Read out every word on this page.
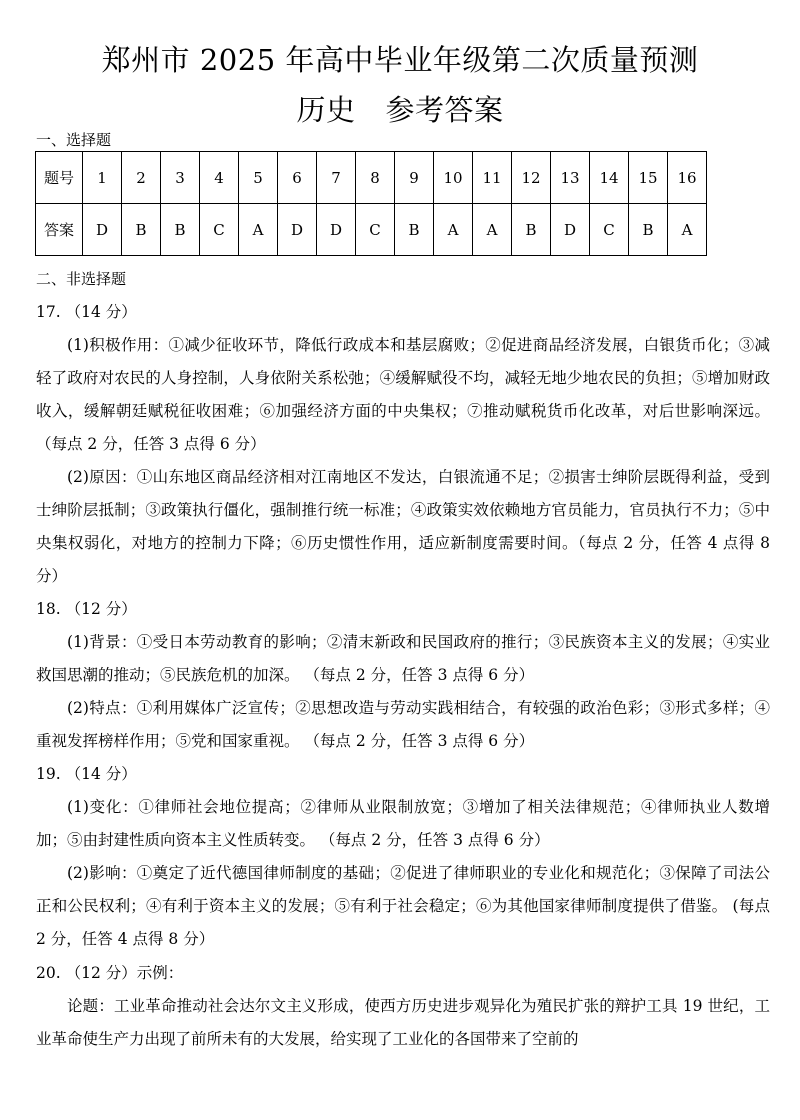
郑州市 2025 年高中毕业年级第二次质量预测
历史 参考答案
一、选择题
题号	1	2	3	4	5	6	7	8	9	10	11	12	13	14	15	16
答案	D	B	B	C	A	D	D	C	B	A	A	B	D	C	B	A
二、非选择题
17. （14 分）
(1)积极作用：①减少征收环节，降低行政成本和基层腐败；②促进商品经济发展，白银货币化；③减轻了政府对农民的人身控制，人身依附关系松弛；④缓解赋役不均，减轻无地少地农民的负担；⑤增加财政收入，缓解朝廷赋税征收困难；⑥加强经济方面的中央集权；⑦推动赋税货币化改革，对后世影响深远。 （每点 2 分，任答 3 点得 6 分）
(2)原因：①山东地区商品经济相对江南地区不发达，白银流通不足；②损害士绅阶层既得利益，受到士绅阶层抵制；③政策执行僵化，强制推行统一标准；④政策实效依赖地方官员能力，官员执行不力；⑤中央集权弱化，对地方的控制力下降；⑥历史惯性作用，适应新制度需要时间。（每点 2 分，任答 4 点得 8 分）
18. （12 分）
(1)背景：①受日本劳动教育的影响；②清末新政和民国政府的推行；③民族资本主义的发展；④实业救国思潮的推动；⑤民族危机的加深。 （每点 2 分，任答 3 点得 6 分）
(2)特点：①利用媒体广泛宣传；②思想改造与劳动实践相结合，有较强的政治色彩；③形式多样；④重视发挥榜样作用；⑤党和国家重视。 （每点 2 分，任答 3 点得 6 分）
19. （14 分）
(1)变化：①律师社会地位提高；②律师从业限制放宽；③增加了相关法律规范；④律师执业人数增加；⑤由封建性质向资本主义性质转变。 （每点 2 分，任答 3 点得 6 分）
(2)影响：①奠定了近代德国律师制度的基础；②促进了律师职业的专业化和规范化；③保障了司法公正和公民权利；④有利于资本主义的发展；⑤有利于社会稳定；⑥为其他国家律师制度提供了借鉴。 (每点 2 分，任答 4 点得 8 分）
20. （12 分）示例：
论题：工业革命推动社会达尔文主义形成，使西方历史进步观异化为殖民扩张的辩护工具 19 世纪，工业革命使生产力出现了前所未有的大发展，给实现了工业化的各国带来了空前的
